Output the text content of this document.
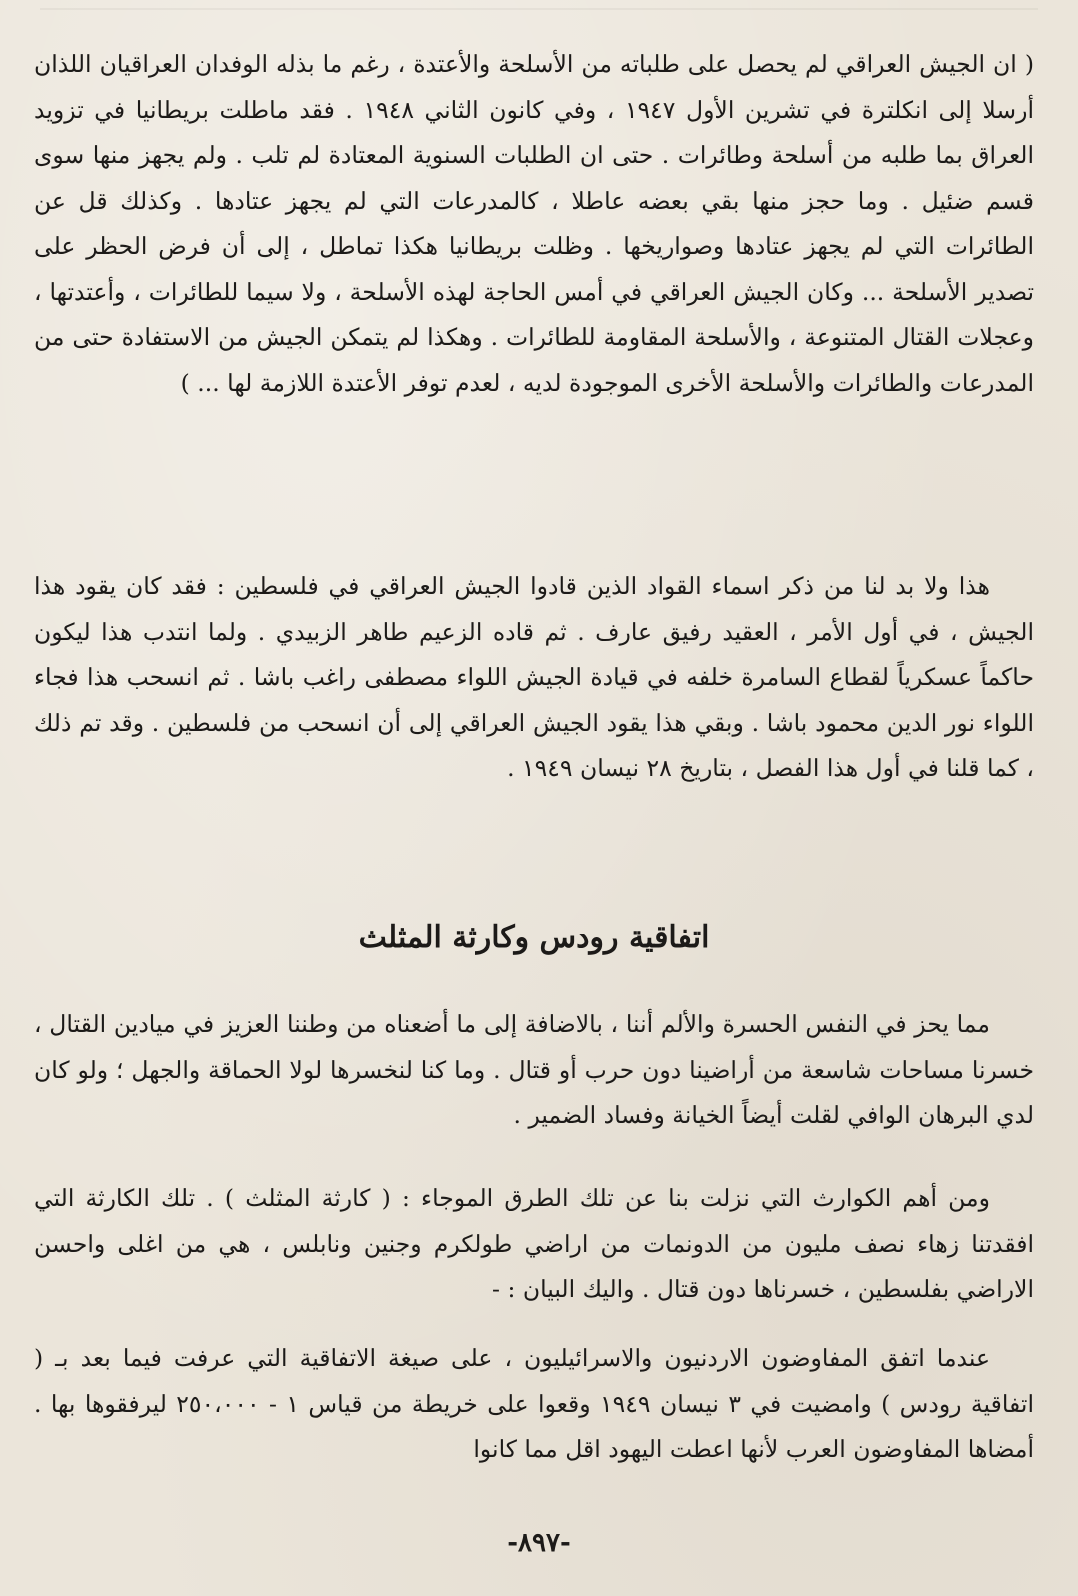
( ان الجيش العراقي لم يحصل على طلباته من الأسلحة والأعتدة ، رغم ما بذله الوفدان العراقيان اللذان أرسلا إلى انكلترة في تشرين الأول ١٩٤٧ ، وفي كانون الثاني ١٩٤٨ . فقد ماطلت بريطانيا في تزويد العراق بما طلبه من أسلحة وطائرات . حتى ان الطلبات السنوية المعتادة لم تلب . ولم يجهز منها سوى قسم ضئيل . وما حجز منها بقي بعضه عاطلا ، كالمدرعات التي لم يجهز عتادها . وكذلك قل عن الطائرات التي لم يجهز عتادها وصواريخها . وظلت بريطانيا هكذا تماطل ، إلى أن فرض الحظر على تصدير الأسلحة ... وكان الجيش العراقي في أمس الحاجة لهذه الأسلحة ، ولا سيما للطائرات ، وأعتدتها ، وعجلات القتال المتنوعة ، والأسلحة المقاومة للطائرات . وهكذا لم يتمكن الجيش من الاستفادة حتى من المدرعات والطائرات والأسلحة الأخرى الموجودة لديه ، لعدم توفر الأعتدة اللازمة لها ... )

هذا ولا بد لنا من ذكر اسماء القواد الذين قادوا الجيش العراقي في فلسطين : فقد كان يقود هذا الجيش ، في أول الأمر ، العقيد رفيق عارف . ثم قاده الزعيم طاهر الزبيدي . ولما انتدب هذا ليكون حاكماً عسكرياً لقطاع السامرة خلفه في قيادة الجيش اللواء مصطفى راغب باشا . ثم انسحب هذا فجاء اللواء نور الدين محمود باشا . وبقي هذا يقود الجيش العراقي إلى أن انسحب من فلسطين . وقد تم ذلك ، كما قلنا في أول هذا الفصل ، بتاريخ ٢٨ نيسان ١٩٤٩ .

اتفاقية رودس وكارثة المثلث

مما يحز في النفس الحسرة والألم أننا ، بالاضافة إلى ما أضعناه من وطننا العزيز في ميادين القتال ، خسرنا مساحات شاسعة من أراضينا دون حرب أو قتال . وما كنا لنخسرها لولا الحماقة والجهل ؛ ولو كان لدي البرهان الوافي لقلت أيضاً الخيانة وفساد الضمير .

ومن أهم الكوارث التي نزلت بنا عن تلك الطرق الموجاء : ( كارثة المثلث ) . تلك الكارثة التي افقدتنا زهاء نصف مليون من الدونمات من اراضي طولكرم وجنين ونابلس ، هي من اغلى واحسن الاراضي بفلسطين ، خسرناها دون قتال . واليك البيان : -

عندما اتفق المفاوضون الاردنيون والاسرائيليون ، على صيغة الاتفاقية التي عرفت فيما بعد بـ ( اتفاقية رودس ) وامضيت في ٣ نيسان ١٩٤٩ وقعوا على خريطة من قياس ١ - ٢٥٠،٠٠٠ ليرفقوها بها . أمضاها المفاوضون العرب لأنها اعطت اليهود اقل مما كانوا

-٨٩٧-
